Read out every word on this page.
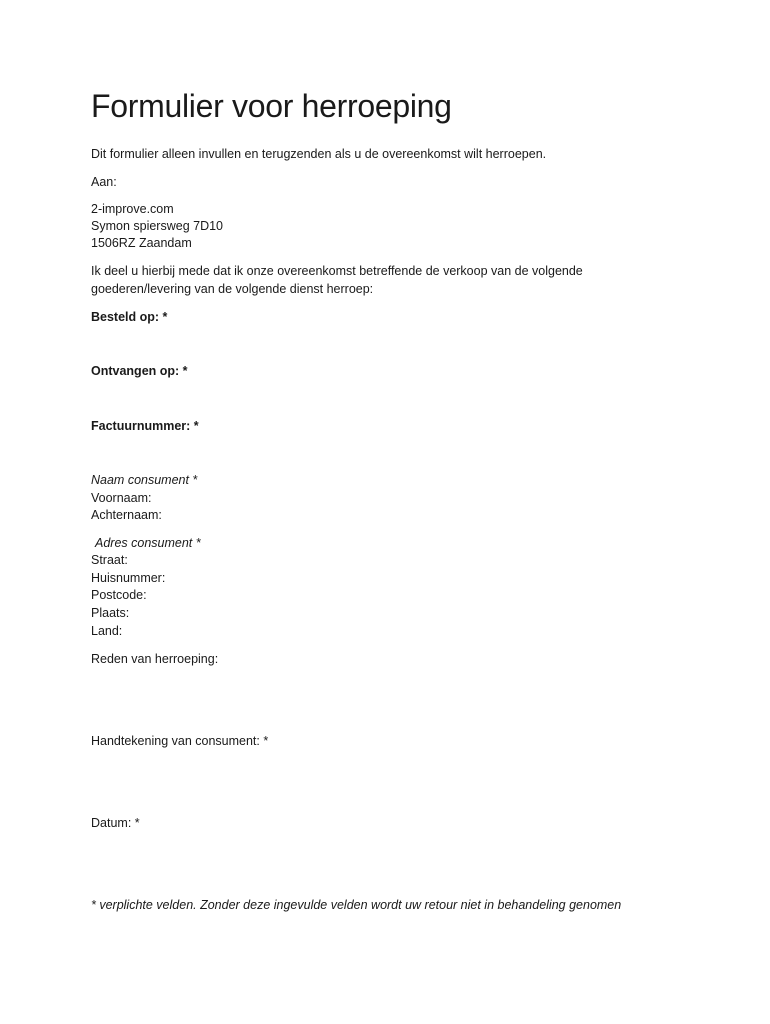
Formulier voor herroeping
Dit formulier alleen invullen en terugzenden als u de overeenkomst wilt herroepen.
Aan:
2-improve.com
Symon spiersweg 7D10
1506RZ Zaandam
Ik deel u hierbij mede dat ik onze overeenkomst betreffende de verkoop van de volgende
goederen/levering van de volgende dienst herroep:
Besteld op: *
Ontvangen op: *
Factuurnummer: *
Naam consument *
Voornaam:
Achternaam:
Adres consument *
Straat:
Huisnummer:
Postcode:
Plaats:
Land:
Reden van herroeping:
Handtekening van consument: *
Datum: *
* verplichte velden. Zonder deze ingevulde velden wordt uw retour niet in behandeling genomen
